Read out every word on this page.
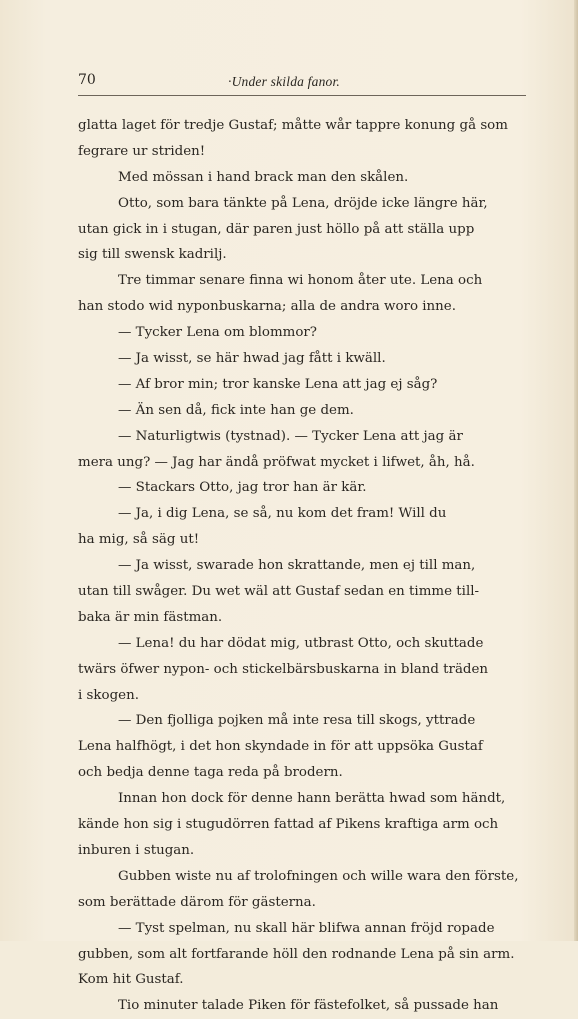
70	·Under skilda fanor.
glatta laget för tredje Gustaf; måtte wår tappre konung gå som
fegrare ur striden!
Med mössan i hand brack man den skålen.
Otto, som bara tänkte på Lena, dröjde icke längre här,
utan gick in i stugan, där paren just höllo på att ställa upp
sig till swensk kadrilj.
Tre timmar senare finna wi honom åter ute. Lena och
han stodo wid nyponbuskarna; alla de andra woro inne.
— Tycker Lena om blommor?
— Ja wisst, se här hwad jag fått i kwäll.
— Af bror min; tror kanske Lena att jag ej såg?
— Än sen då, fick inte han ge dem.
— Naturligtwis (tystnad). — Tycker Lena att jag är
mera ung? — Jag har ändå pröfwat mycket i lifwet, åh, hå.
— Stackars Otto, jag tror han är kär.
— Ja, i dig Lena, se så, nu kom det fram! Will du
ha mig, så säg ut!
— Ja wisst, swarade hon skrattande, men ej till man,
utan till swåger. Du wet wäl att Gustaf sedan en timme till-
baka är min fästman.
— Lena! du har dödat mig, utbrast Otto, och skuttade
twärs öfwer nypon- och stickelbärsbuskarna in bland träden
i skogen.
— Den fjolliga pojken må inte resa till skogs, yttrade
Lena halfhögt, i det hon skyndade in för att uppsöka Gustaf
och bedja denne taga reda på brodern.
Innan hon dock för denne hann berätta hwad som händt,
kände hon sig i stugudörren fattad af Pikens kraftiga arm och
inburen i stugan.
Gubben wiste nu af trolofningen och wille wara den förste,
som berättade därom för gästerna.
— Tyst spelman, nu skall här blifwa annan fröjd ropade
gubben, som alt fortfarande höll den rodnande Lena på sin arm.
Kom hit Gustaf.
Tio minuter talade Piken för fästefolket, så pussade han
